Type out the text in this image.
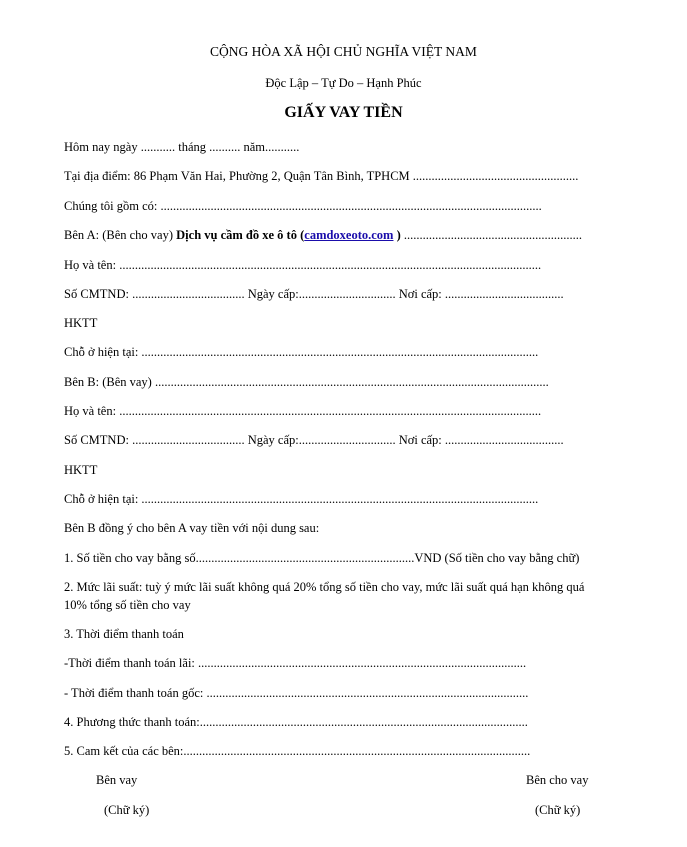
CỘNG HÒA XÃ HỘI CHỦ NGHĨA VIỆT NAM
Độc Lập – Tự Do – Hạnh Phúc
GIẤY VAY TIỀN
Hôm nay ngày ........... tháng .......... năm...........
Tại địa điểm: 86 Phạm Văn Hai, Phường 2, Quận Tân Bình, TPHCM .....................................................
Chúng tôi gồm có: ..........................................................................................................................
Bên A: (Bên cho vay) Dịch vụ cầm đồ xe ô tô (camdoxeoto.com ) .........................................................
Họ và tên: .......................................................................................................................................
Số CMTND: .................................... Ngày cấp:............................... Nơi cấp: ......................................
HKTT
Chỗ ở hiện tại: ...............................................................................................................................
Bên B: (Bên vay) ..............................................................................................................................
Họ và tên: .......................................................................................................................................
Số CMTND: .................................... Ngày cấp:............................... Nơi cấp: ......................................
HKTT
Chỗ ở hiện tại: ...............................................................................................................................
Bên B đồng ý cho bên A vay tiền với nội dung sau:
1. Số tiền cho vay bằng số......................................................................VND (Số tiền cho vay bằng chữ)
2. Mức lãi suất: tuỳ ý mức lãi suất không quá 20% tổng số tiền cho vay, mức lãi suất quá hạn không quá
10% tổng số tiền cho vay
3. Thời điểm thanh toán
-Thời điểm thanh toán lãi: .........................................................................................................
- Thời điểm thanh toán gốc: .......................................................................................................
4. Phương thức thanh toán:.........................................................................................................
5. Cam kết của các bên:...............................................................................................................
Bên vay
(Chữ ký)
Bên cho vay
(Chữ ký)
